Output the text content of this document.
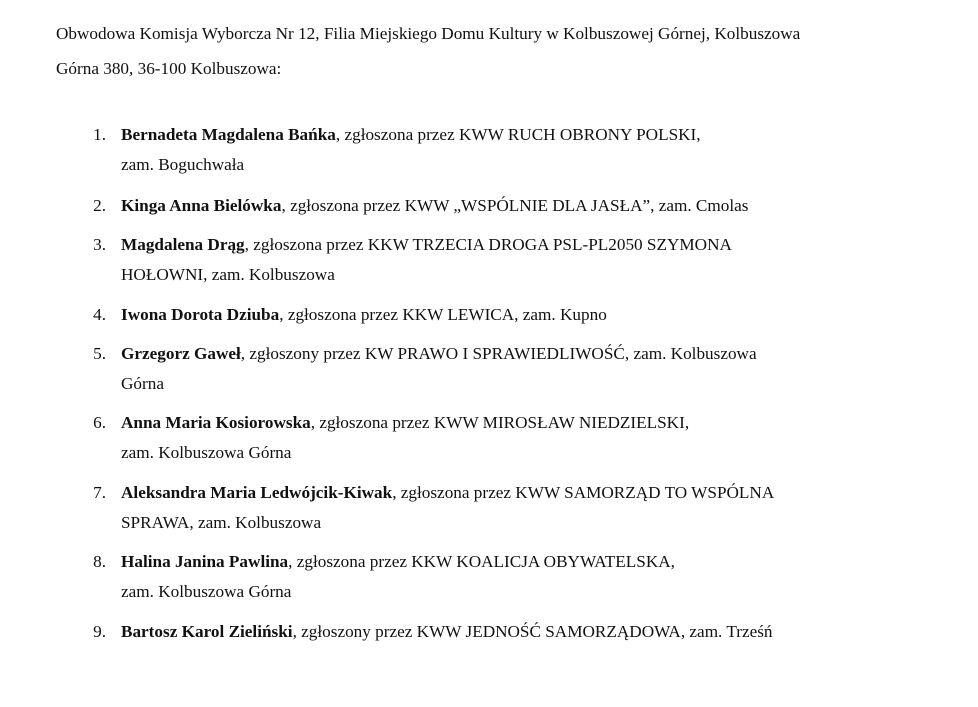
Obwodowa Komisja Wyborcza Nr 12, Filia Miejskiego Domu Kultury w Kolbuszowej Górnej, Kolbuszowa

Górna 380, 36-100 Kolbuszowa:

1. Bernadeta Magdalena Bańka, zgłoszona przez KWW RUCH OBRONY POLSKI,
zam. Boguchwała
2. Kinga Anna Bielówka, zgłoszona przez KWW „WSPÓLNIE DLA JASŁA”, zam. Cmolas
3. Magdalena Drąg, zgłoszona przez KKW TRZECIA DROGA PSL-PL2050 SZYMONA
HOŁOWNI, zam. Kolbuszowa
4. Iwona Dorota Dziuba, zgłoszona przez KKW LEWICA, zam. Kupno
5. Grzegorz Gaweł, zgłoszony przez KW PRAWO I SPRAWIEDLIWOŚĆ, zam. Kolbuszowa
Górna
6. Anna Maria Kosiorowska, zgłoszona przez KWW MIROSŁAW NIEDZIELSKI,
zam. Kolbuszowa Górna
7. Aleksandra Maria Ledwójcik-Kiwak, zgłoszona przez KWW SAMORZĄD TO WSPÓLNA
SPRAWA, zam. Kolbuszowa
8. Halina Janina Pawlina, zgłoszona przez KKW KOALICJA OBYWATELSKA,
zam. Kolbuszowa Górna
9. Bartosz Karol Zieliński, zgłoszony przez KWW JEDNOŚĆ SAMORZĄDOWA, zam. Trześń
